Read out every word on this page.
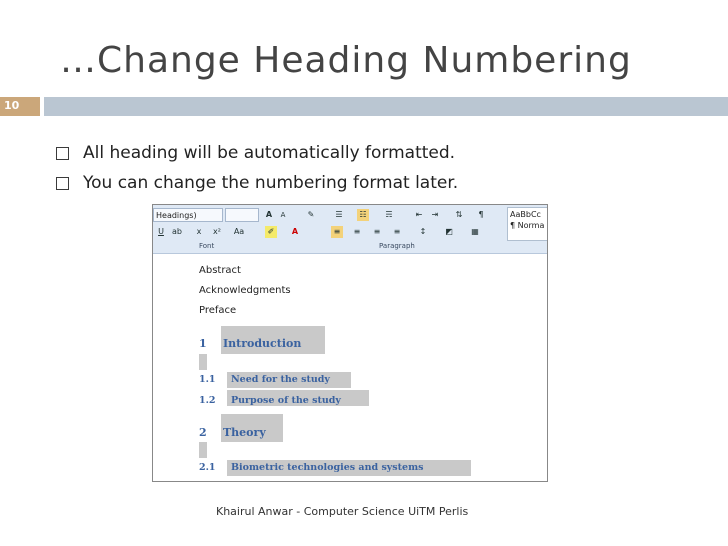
…Change Heading Numbering
10
All heading will be automatically formatted.
You can change the numbering format later.
Headings)	A	A	✎	☰	☷	☴	⇤	⇥	⇅	¶
U	ab	x	x² Aa	✐	A	≡	≡	≡	≡	↕	◩ ▦
Font	Paragraph
AaBbCc
¶ Norma
Abstract
Acknowledgments
Preface
1 Introduction
1.1 Need for the study
1.2 Purpose of the study
2 Theory
2.1 Biometric technologies and systems
Khairul Anwar - Computer Science UiTM Perlis
